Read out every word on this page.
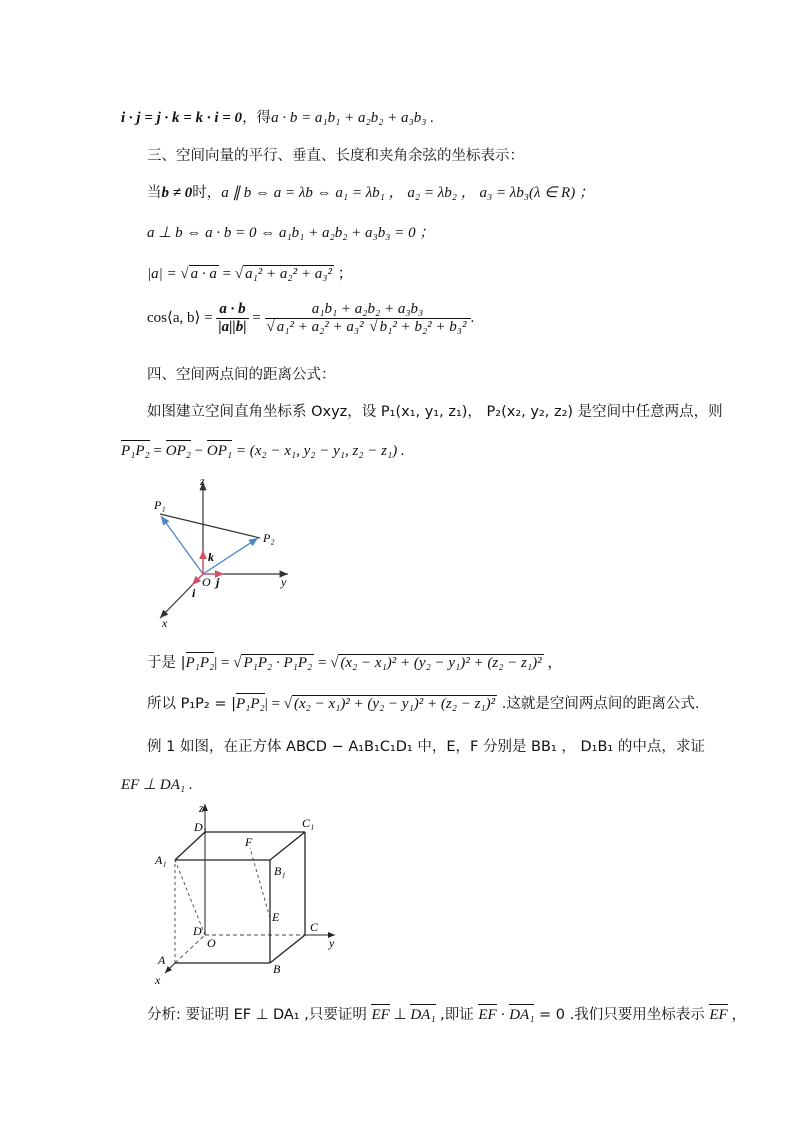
i · j = j · k = k · i = 0，得a · b = a₁b₁ + a₂b₂ + a₃b₃ .
三、空间向量的平行、垂直、长度和夹角余弦的坐标表示：
当b ≠ 0时，a ∥ b ⇔ a = λb ⇔ a₁ = λb₁ ， a₂ = λb₂ ， a₃ = λb₃(λ ∈ R) ；
a ⊥ b ⇔ a · b = 0 ⇔ a₁b₁ + a₂b₂ + a₃b₃ = 0 ；
|a| = √ a · a = √ a₁² + a₂² + a₃² ；
cos⟨a, b⟩ = $\frac{a \cdot b}{|a||b|} = \frac{\text{a₁b₁ + a₂b₂ + a₃b₃}}{\text{√ a₁² + a₂² + a₃² √ b₁² + b₂² + b₃²}}$ .
四、空间两点间的距离公式：
如图建立空间直角坐标系 Oxyz，设 P₁(x₁, y₁, z₁)， P₂(x₂, y₂, z₂) 是空间中任意两点，则
P₁P₂ = OP₂ − OP₁ = (x₂ − x₁, y₂ − y₁, z₂ − z₁) .
z
y
x
O
P₁
P₂
k
j
i
于是 |P₁P₂| = √ P₁P₂ · P₁P₂ = √ (x₂ − x₁)² + (y₂ − y₁)² + (z₂ − z₁)² ，
所以 P₁P₂ = |P₁P₂| = √ (x₂ − x₁)² + (y₂ − y₁)² + (z₂ − z₁)² .这就是空间两点间的距离公式.
例 1 如图，在正方体 ABCD − A₁B₁C₁D₁ 中，E，F 分别是 BB₁ ， D₁B₁ 的中点，求证
EF ⊥ DA₁ .
z
y
x
O
A
B
C
D
A₁
B₁
C₁
D₁
E
F
分析: 要证明 EF ⊥ DA₁ ,只要证明 EF ⊥ DA₁ ,即证 EF · DA₁ = 0 .我们只要用坐标表示 EF ，
